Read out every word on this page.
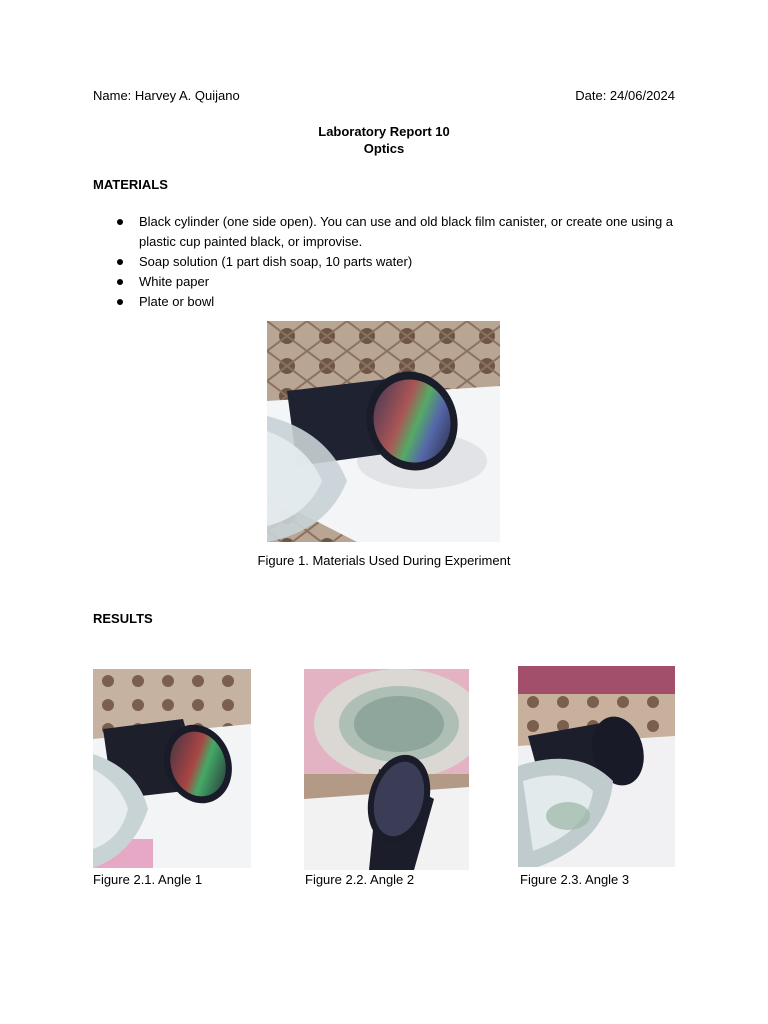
Name: Harvey A. Quijano	Date: 24/06/2024
Laboratory Report 10
Optics
MATERIALS
Black cylinder (one side open). You can use and old black film canister, or create one using a plastic cup painted black, or improvise.
Soap solution (1 part dish soap, 10 parts water)
White paper
Plate or bowl
Figure 1. Materials Used During Experiment
RESULTS
Figure 2.1. Angle 1	Figure 2.2. Angle 2	Figure 2.3. Angle 3
